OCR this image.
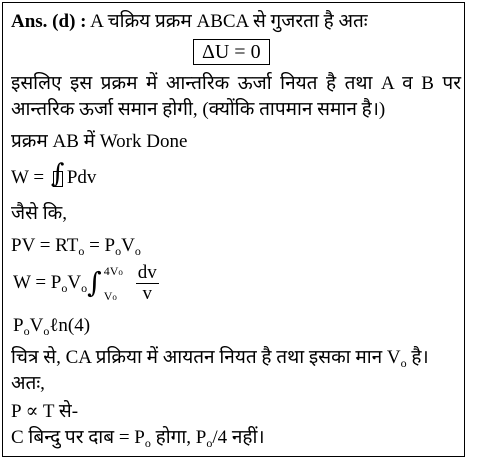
Ans. (d) : A चक्रिय प्रक्रम ABCA से गुजरता है अतः
ΔU = 0
इसलिए इस प्रक्रम में आन्तरिक ऊर्जा नियत है तथा A व B पर
आन्तरिक ऊर्जा समान होगी, (क्योंकि तापमान समान है।)
प्रक्रम AB में Work Done
W = ∫ Pdv
जैसे कि,
PV = $RT_o = P_oV_o$
$W = P_oV_o\int$ 4Vo
Vo $\frac{dv}{v}$
$P_oV_o\ell n(4)$
चित्र से, CA प्रक्रिया में आयतन नियत है तथा इसका मान $V_o$ है।
अतः,
P ∝ T से-
C बिन्दु पर दाब = $P_o$ होगा, $P_o/4$ नहीं।
